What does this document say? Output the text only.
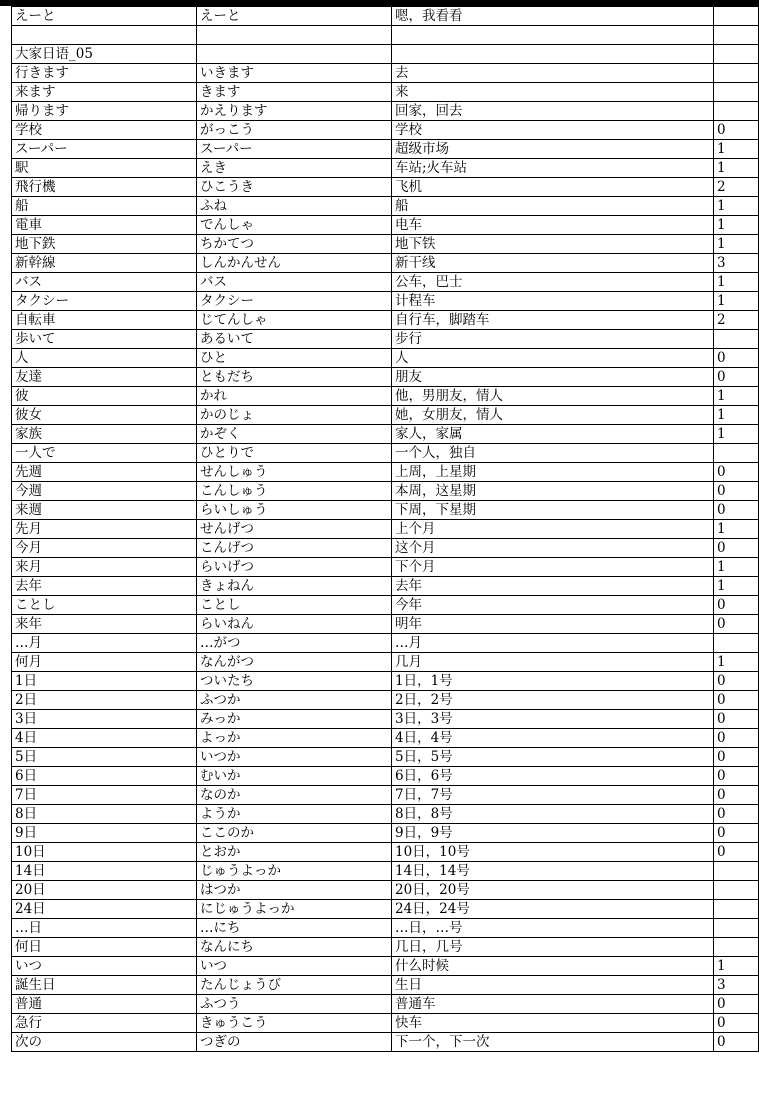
えーと	えーと	嗯，我看看	

大家日语_05			
行きます	いきます	去	
来ます	きます	来	
帰ります	かえります	回家，回去	
学校	がっこう	学校	0
スーパー	スーパー	超级市场	1
駅	えき	车站;火车站	1
飛行機	ひこうき	飞机	2
船	ふね	船	1
電車	でんしゃ	电车	1
地下鉄	ちかてつ	地下铁	1
新幹線	しんかんせん	新干线	3
バス	バス	公车，巴士	1
タクシー	タクシー	计程车	1
自転車	じてんしゃ	自行车，脚踏车	2
歩いて	あるいて	步行	
人	ひと	人	0
友達	ともだち	朋友	0
彼	かれ	他，男朋友，情人	1
彼女	かのじょ	她，女朋友，情人	1
家族	かぞく	家人，家属	1
一人で	ひとりで	一个人，独自	
先週	せんしゅう	上周，上星期	0
今週	こんしゅう	本周，这星期	0
来週	らいしゅう	下周，下星期	0
先月	せんげつ	上个月	1
今月	こんげつ	这个月	0
来月	らいげつ	下个月	1
去年	きょねん	去年	1
ことし	ことし	今年	0
来年	らいねん	明年	0
…月	…がつ	…月	
何月	なんがつ	几月	1
1日	ついたち	1日，1号	0
2日	ふつか	2日，2号	0
3日	みっか	3日，3号	0
4日	よっか	4日，4号	0
5日	いつか	5日，5号	0
6日	むいか	6日，6号	0
7日	なのか	7日，7号	0
8日	ようか	8日，8号	0
9日	ここのか	9日，9号	0
10日	とおか	10日，10号	0
14日	じゅうよっか	14日，14号	
20日	はつか	20日，20号	
24日	にじゅうよっか	24日，24号	
…日	…にち	…日，…号	
何日	なんにち	几日，几号	
いつ	いつ	什么时候	1
誕生日	たんじょうび	生日	3
普通	ふつう	普通车	0
急行	きゅうこう	快车	0
次の	つぎの	下一个，下一次	0
